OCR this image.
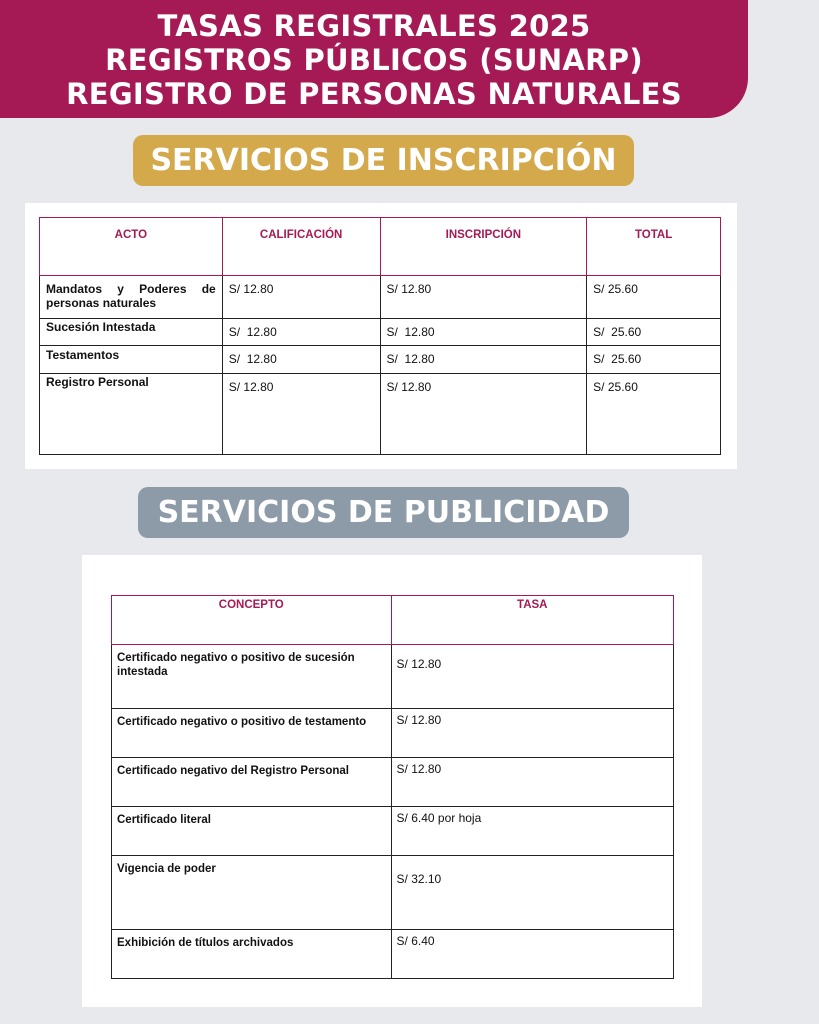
TASAS REGISTRALES 2025
REGISTROS PÚBLICOS (SUNARP)
REGISTRO DE PERSONAS NATURALES
SERVICIOS DE INSCRIPCIÓN
ACTO	CALIFICACIÓN	INSCRIPCIÓN	TOTAL
Mandatos y Poderes de personas naturales	S/ 12.80	S/ 12.80	S/ 25.60
Sucesión Intestada	S/  12.80	S/  12.80	S/  25.60
Testamentos	S/  12.80	S/  12.80	S/  25.60
Registro Personal	S/ 12.80	S/ 12.80	S/ 25.60
SERVICIOS DE PUBLICIDAD
CONCEPTO	TASA
Certificado negativo o positivo de sucesión intestada	S/ 12.80
Certificado negativo o positivo de testamento	S/ 12.80
Certificado negativo del Registro Personal	S/ 12.80
Certificado literal	S/ 6.40 por hoja
Vigencia de poder	S/ 32.10
Exhibición de títulos archivados	S/ 6.40
